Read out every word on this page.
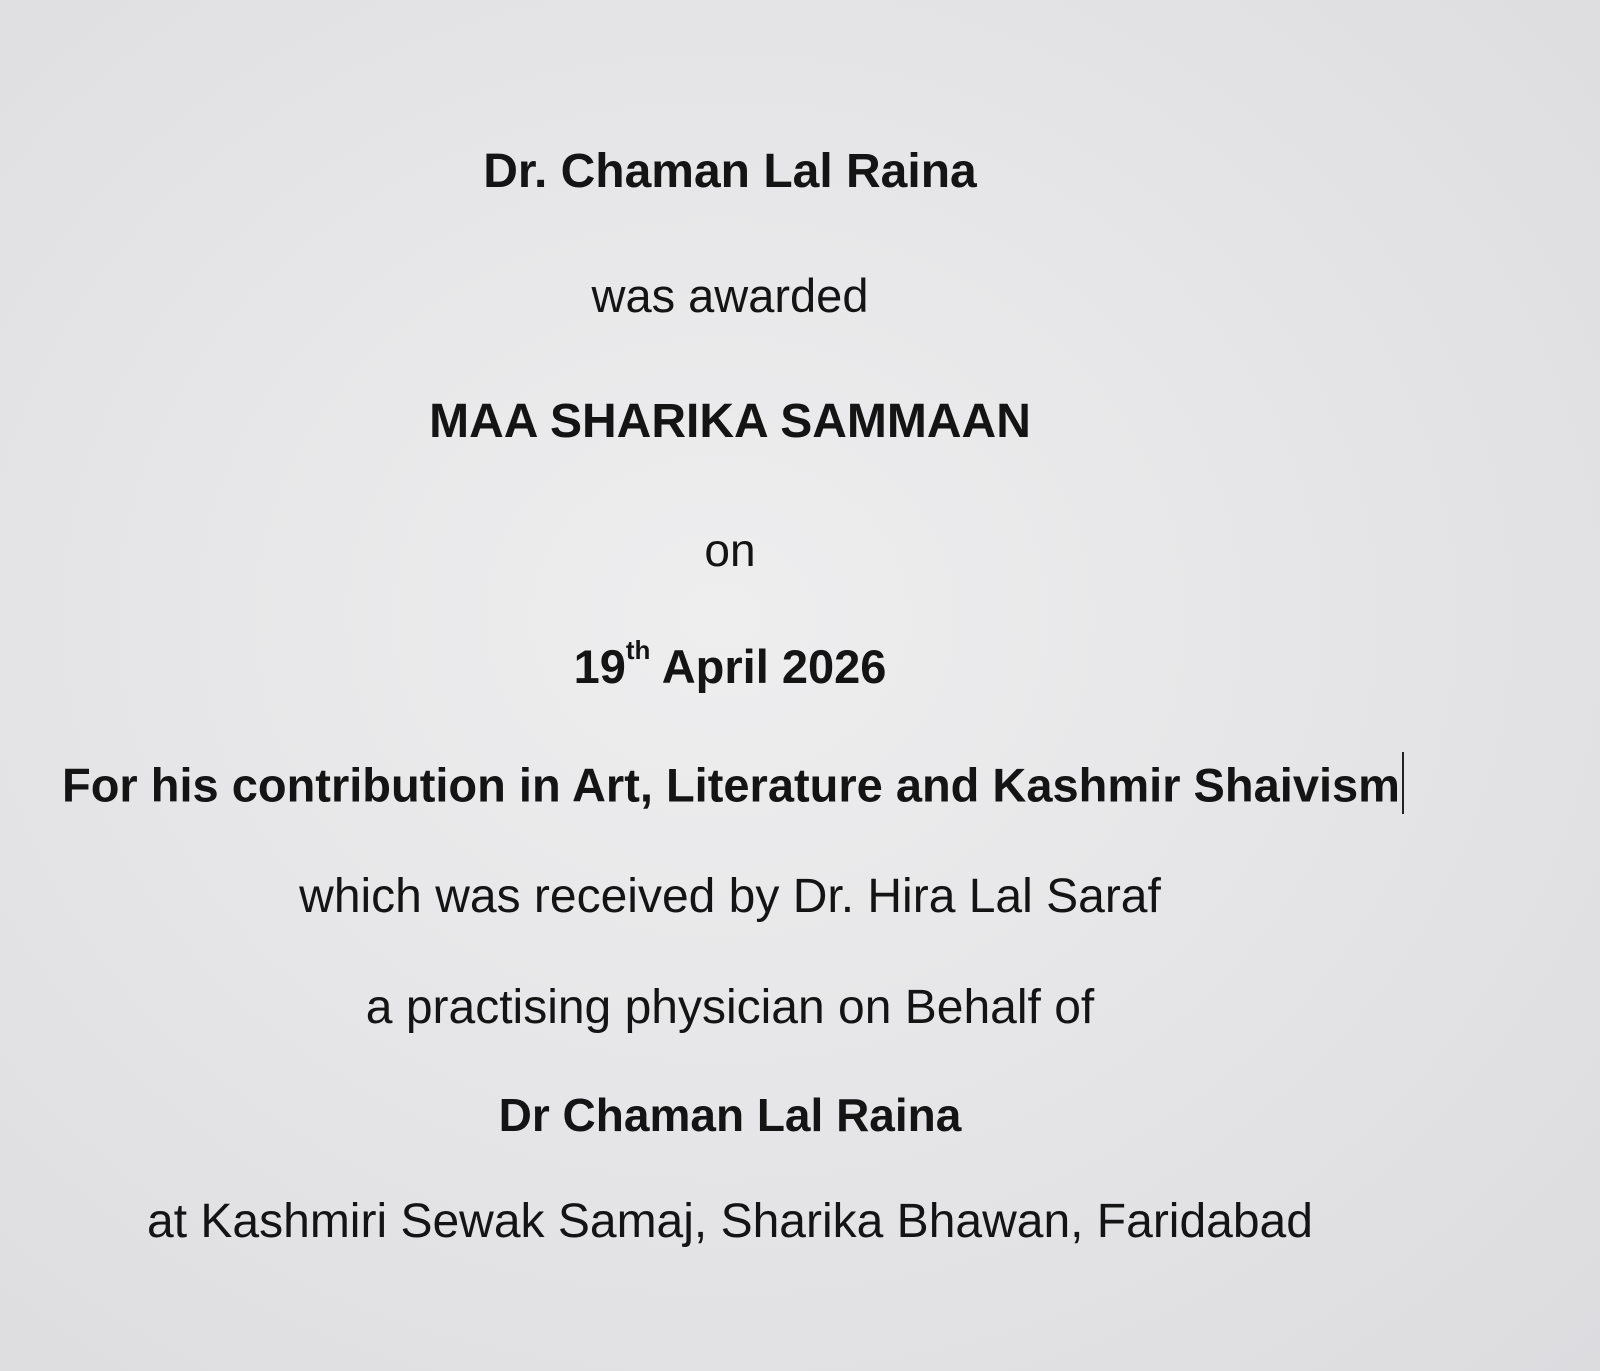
Dr. Chaman Lal Raina
was awarded
MAA SHARIKA SAMMAAN
on
19th April 2026
For his contribution in Art, Literature and Kashmir Shaivism
which was received by Dr. Hira Lal Saraf
a practising physician on Behalf of
Dr Chaman Lal Raina
at Kashmiri Sewak Samaj, Sharika Bhawan, Faridabad
